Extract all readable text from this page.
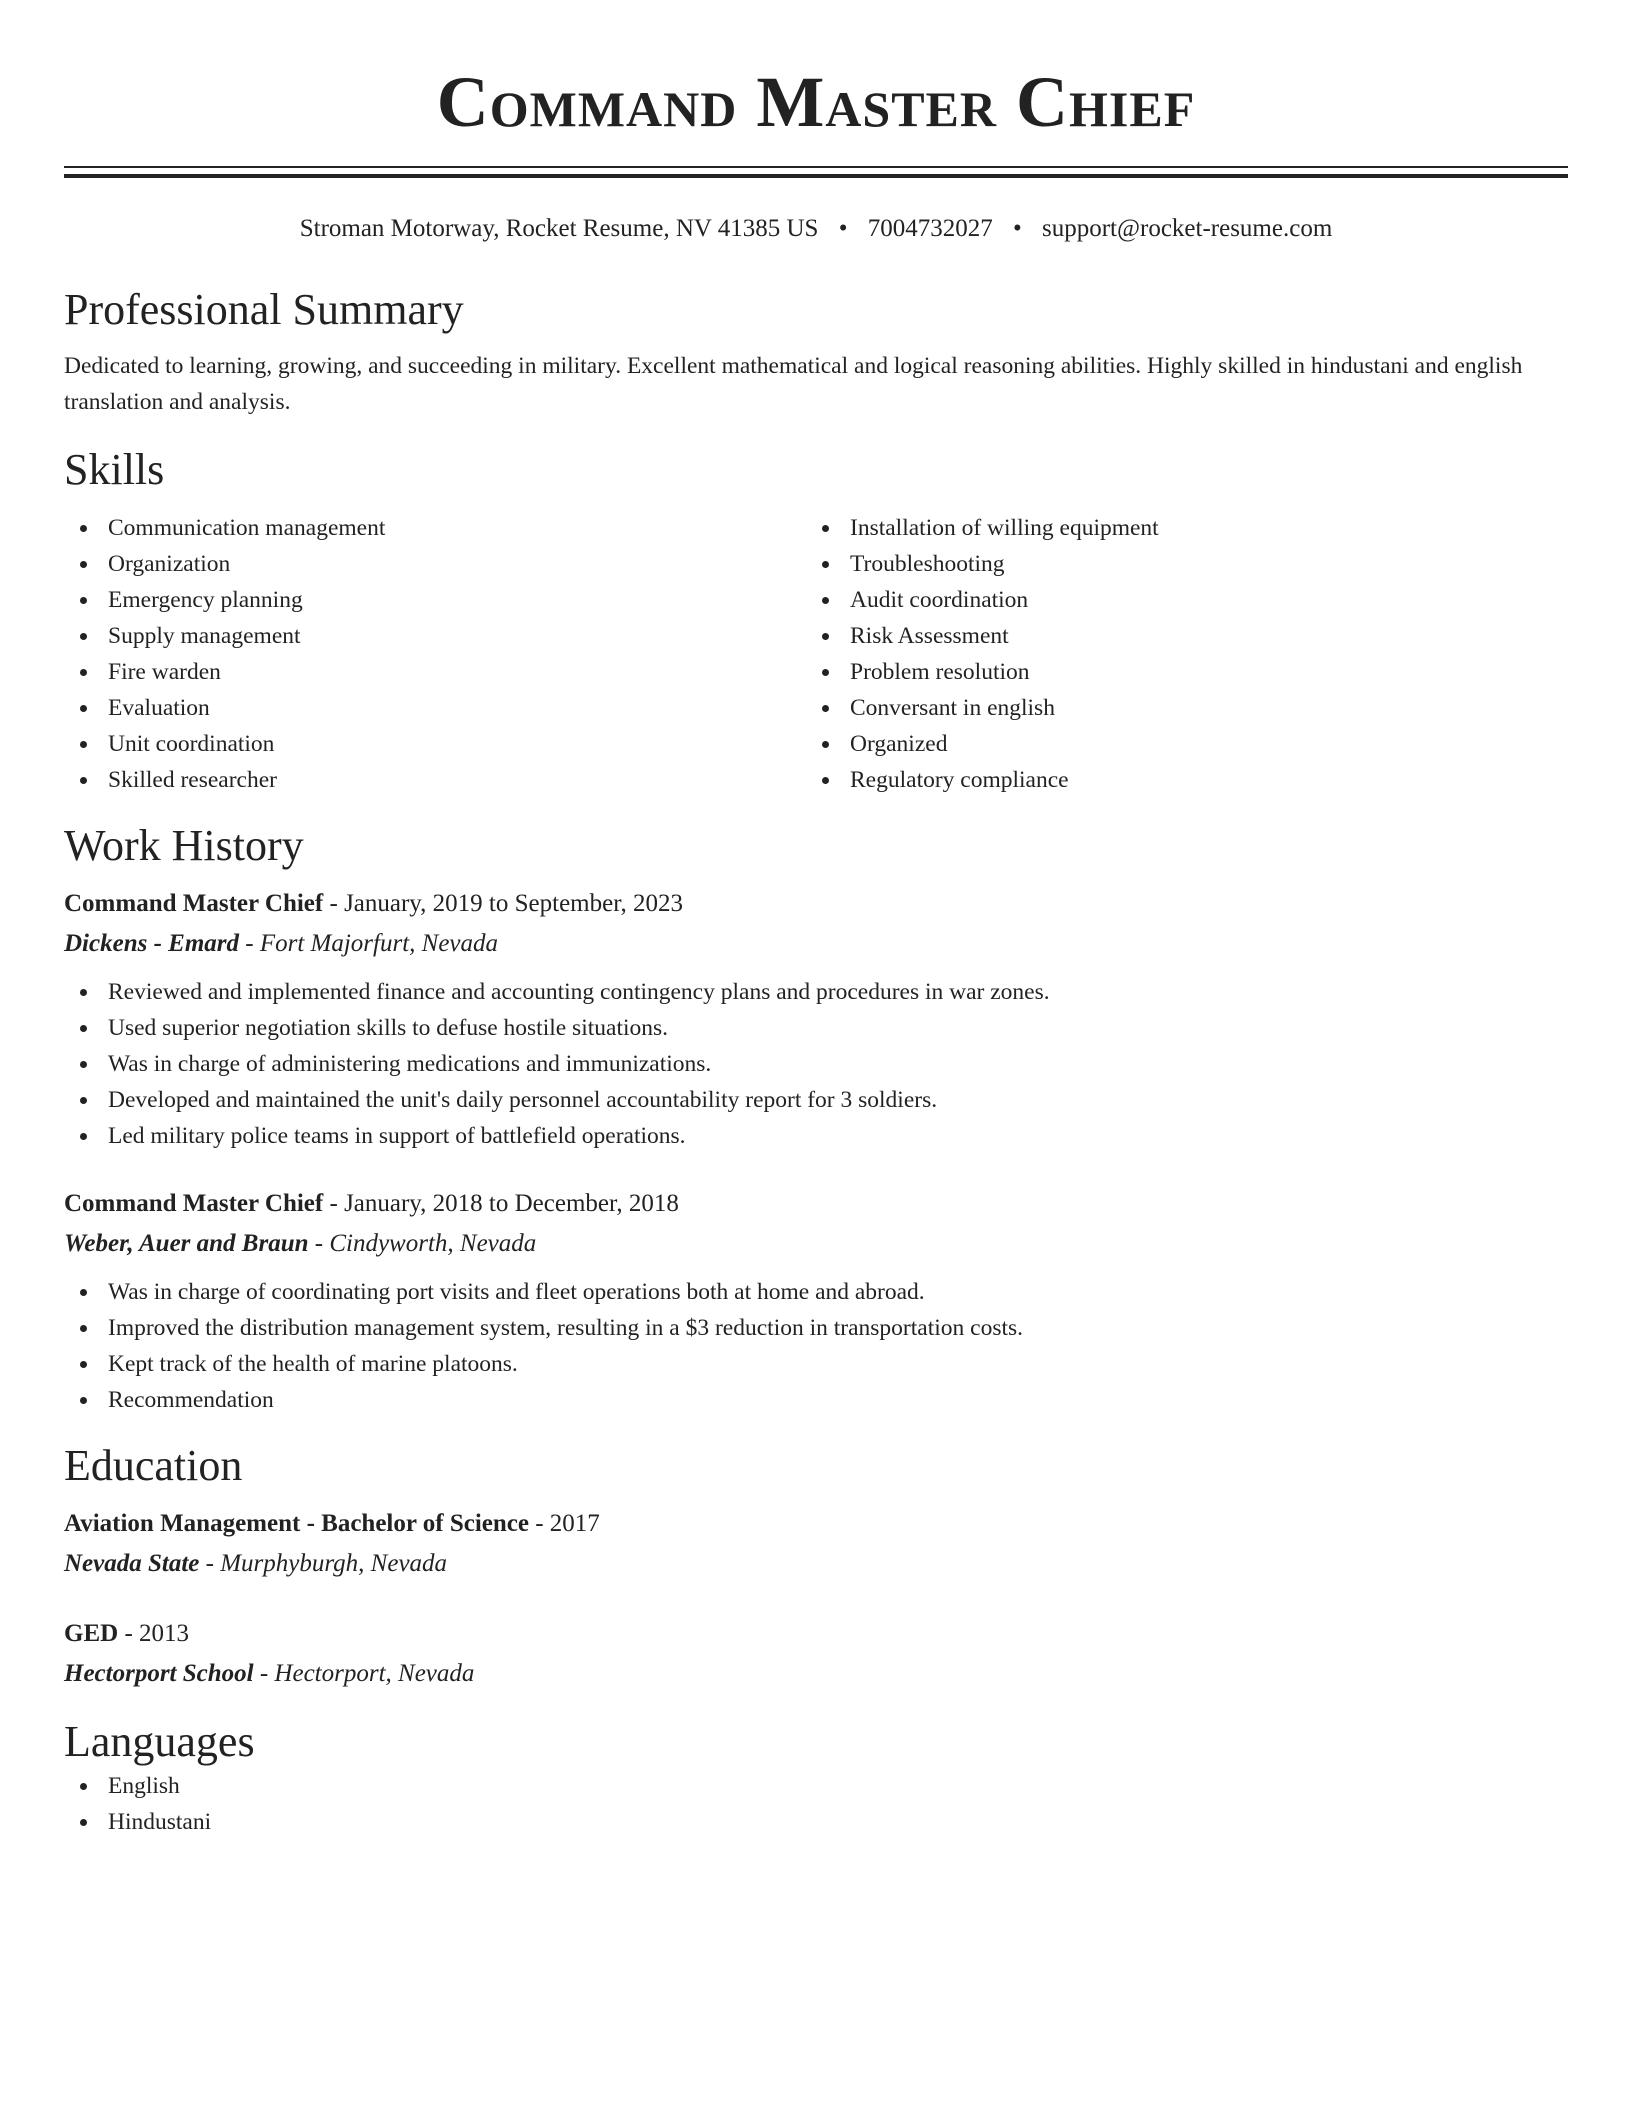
Command Master Chief
Stroman Motorway, Rocket Resume, NV 41385 US • 7004732027 • support@rocket-resume.com
Professional Summary
Dedicated to learning, growing, and succeeding in military. Excellent mathematical and logical reasoning abilities. Highly skilled in hindustani and english translation and analysis.
Skills
Communication management
Organization
Emergency planning
Supply management
Fire warden
Evaluation
Unit coordination
Skilled researcher
Installation of willing equipment
Troubleshooting
Audit coordination
Risk Assessment
Problem resolution
Conversant in english
Organized
Regulatory compliance
Work History
Command Master Chief - January, 2019 to September, 2023
Dickens - Emard - Fort Majorfurt, Nevada
Reviewed and implemented finance and accounting contingency plans and procedures in war zones.
Used superior negotiation skills to defuse hostile situations.
Was in charge of administering medications and immunizations.
Developed and maintained the unit's daily personnel accountability report for 3 soldiers.
Led military police teams in support of battlefield operations.
Command Master Chief - January, 2018 to December, 2018
Weber, Auer and Braun - Cindyworth, Nevada
Was in charge of coordinating port visits and fleet operations both at home and abroad.
Improved the distribution management system, resulting in a $3 reduction in transportation costs.
Kept track of the health of marine platoons.
Recommendation
Education
Aviation Management - Bachelor of Science - 2017
Nevada State - Murphyburgh, Nevada
GED - 2013
Hectorport School - Hectorport, Nevada
Languages
English
Hindustani
